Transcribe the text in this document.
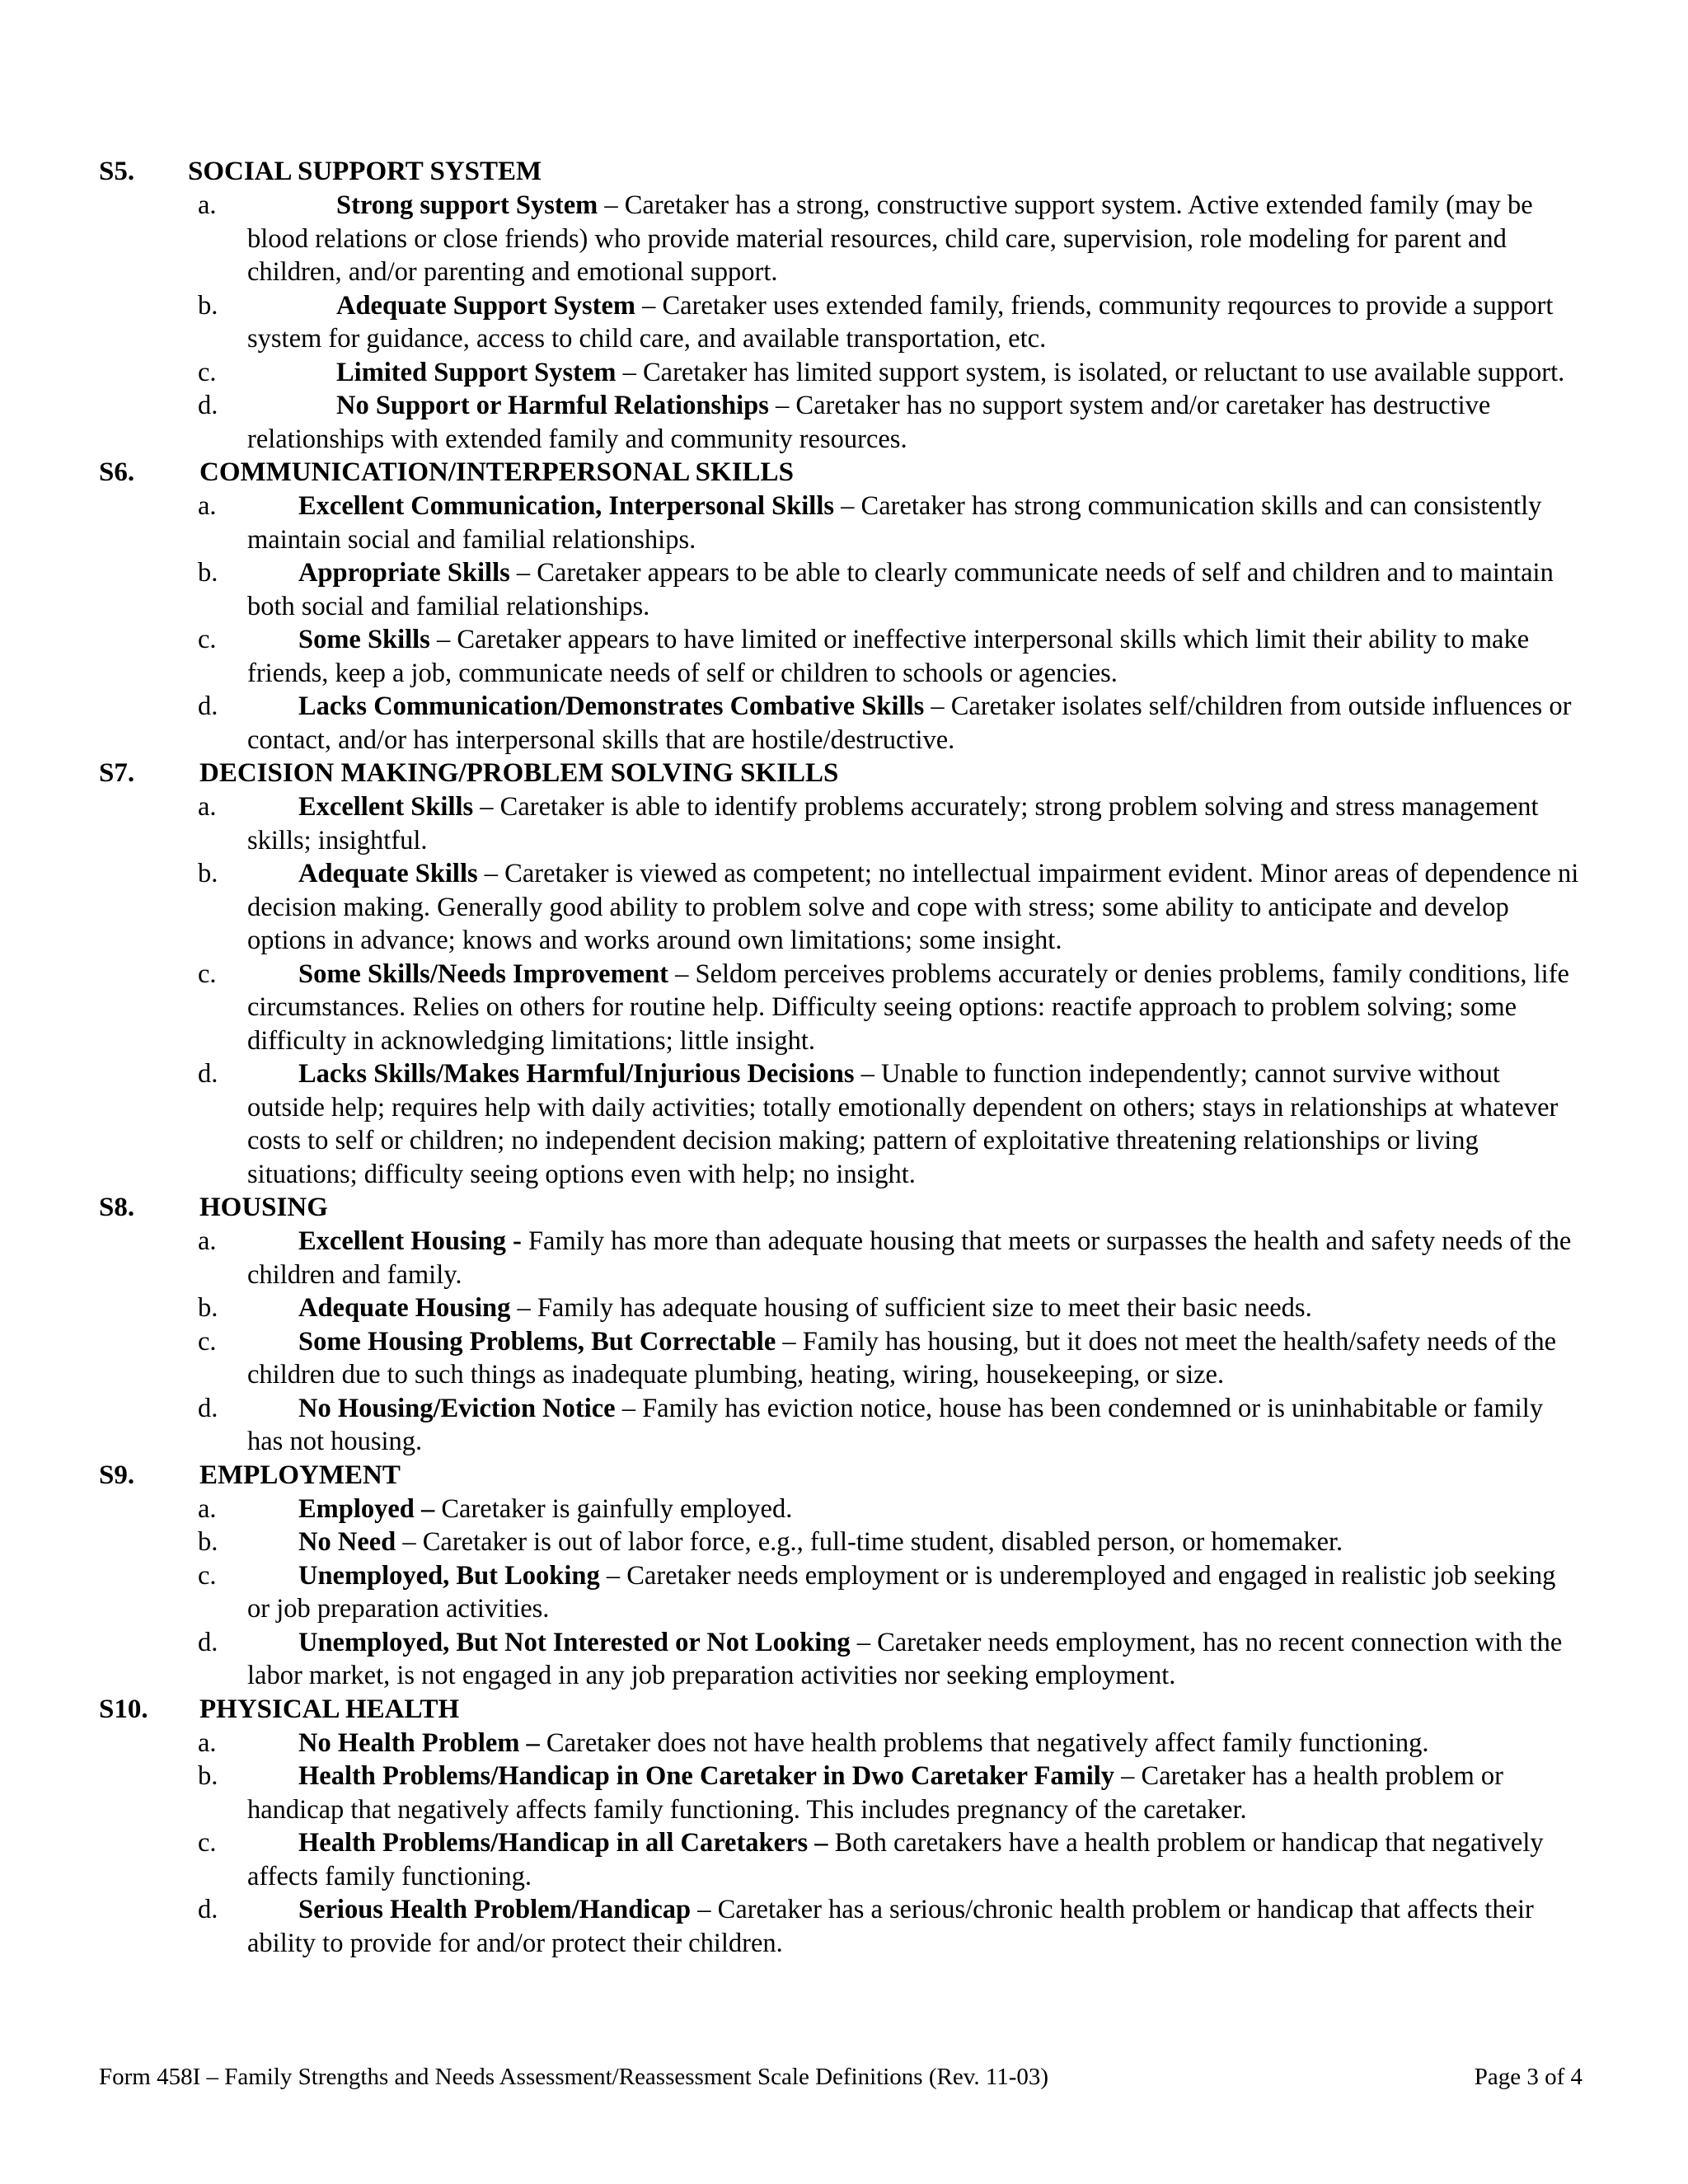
S5. SOCIAL SUPPORT SYSTEM
a.	Strong support System – Caretaker has a strong, constructive support system. Active extended family (may be blood relations or close friends) who provide material resources, child care, supervision, role modeling for parent and children, and/or parenting and emotional support.
b.	Adequate Support System – Caretaker uses extended family, friends, community reqources to provide a support system for guidance, access to child care, and available transportation, etc.
c.	Limited Support System – Caretaker has limited support system, is isolated, or reluctant to use available support.
d.	No Support or Harmful Relationships – Caretaker has no support system and/or caretaker has destructive relationships with extended family and community resources.
S6. COMMUNICATION/INTERPERSONAL SKILLS
a.	Excellent Communication, Interpersonal Skills – Caretaker has strong communication skills and can consistently maintain social and familial relationships.
b.	Appropriate Skills – Caretaker appears to be able to clearly communicate needs of self and children and to maintain both social and familial relationships.
c.	Some Skills – Caretaker appears to have limited or ineffective interpersonal skills which limit their ability to make friends, keep a job, communicate needs of self or children to schools or agencies.
d.	Lacks Communication/Demonstrates Combative Skills – Caretaker isolates self/children from outside influences or contact, and/or has interpersonal skills that are hostile/destructive.
S7. DECISION MAKING/PROBLEM SOLVING SKILLS
a.	Excellent Skills – Caretaker is able to identify problems accurately; strong problem solving and stress management skills; insightful.
b.	Adequate Skills – Caretaker is viewed as competent; no intellectual impairment evident. Minor areas of dependence ni decision making. Generally good ability to problem solve and cope with stress; some ability to anticipate and develop options in advance; knows and works around own limitations; some insight.
c.	Some Skills/Needs Improvement – Seldom perceives problems accurately or denies problems, family conditions, life circumstances. Relies on others for routine help. Difficulty seeing options: reactife approach to problem solving; some difficulty in acknowledging limitations; little insight.
d.	Lacks Skills/Makes Harmful/Injurious Decisions – Unable to function independently; cannot survive without outside help; requires help with daily activities; totally emotionally dependent on others; stays in relationships at whatever costs to self or children; no independent decision making; pattern of exploitative threatening relationships or living situations; difficulty seeing options even with help; no insight.
S8. HOUSING
a.	Excellent Housing - Family has more than adequate housing that meets or surpasses the health and safety needs of the children and family.
b.	Adequate Housing – Family has adequate housing of sufficient size to meet their basic needs.
c.	Some Housing Problems, But Correctable – Family has housing, but it does not meet the health/safety needs of the children due to such things as inadequate plumbing, heating, wiring, housekeeping, or size.
d.	No Housing/Eviction Notice – Family has eviction notice, house has been condemned or is uninhabitable or family has not housing.
S9. EMPLOYMENT
a.	Employed – Caretaker is gainfully employed.
b.	No Need – Caretaker is out of labor force, e.g., full-time student, disabled person, or homemaker.
c.	Unemployed, But Looking – Caretaker needs employment or is underemployed and engaged in realistic job seeking or job preparation activities.
d.	Unemployed, But Not Interested or Not Looking – Caretaker needs employment, has no recent connection with the labor market, is not engaged in any job preparation activities nor seeking employment.
S10. PHYSICAL HEALTH
a.	No Health Problem – Caretaker does not have health problems that negatively affect family functioning.
b.	Health Problems/Handicap in One Caretaker in Dwo Caretaker Family – Caretaker has a health problem or handicap that negatively affects family functioning. This includes pregnancy of the caretaker.
c.	Health Problems/Handicap in all Caretakers – Both caretakers have a health problem or handicap that negatively affects family functioning.
d.	Serious Health Problem/Handicap – Caretaker has a serious/chronic health problem or handicap that affects their ability to provide for and/or protect their children.
Form 458I – Family Strengths and Needs Assessment/Reassessment Scale Definitions (Rev. 11-03)	Page 3 of 4
